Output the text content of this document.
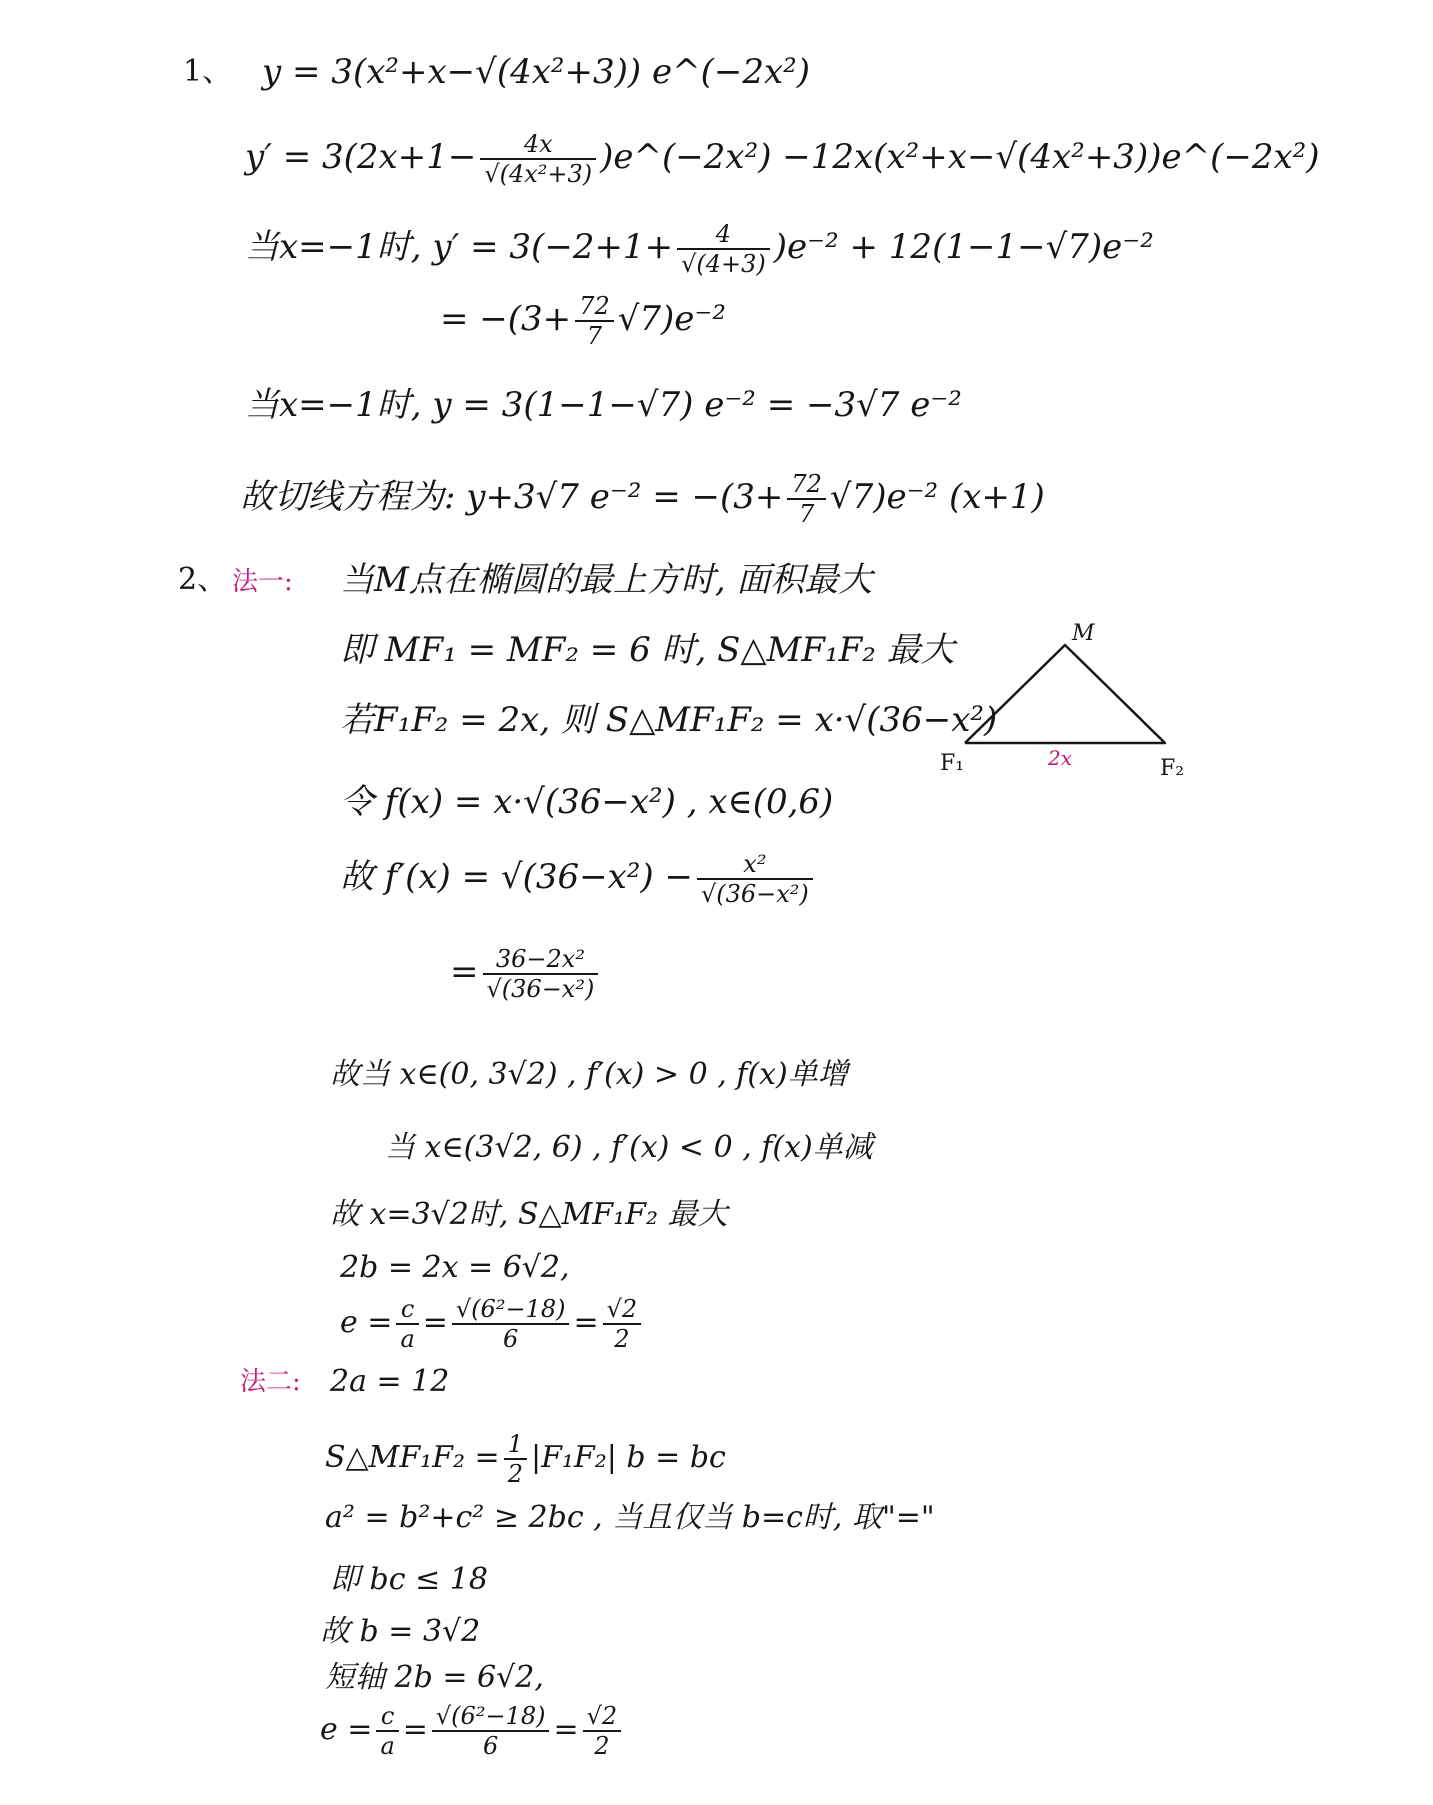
1、 y = 3(x²+x−√(4x²+3)) e^(−2x²)
$y' = 3(2x+1- \frac{4x}{\text{√(4x²+3)}}$ )e^(−2x²) −12x(x²+x−√(4x²+3))e^(−2x²)
当x=−1时, $y' = 3(-2+1+ \frac{4}{√(4+3)} )e^{-2} + 12(1-1-√7)e^{-2}$
= $-(3+ \frac{72}{7} √7)e^{-2}$
当x=−1时, y = 3(1−1−√7) e⁻² = −3√7 e⁻²
故切线方程为: y+3√7 $e^{-2} = -(3+ \frac{72}{7} √7)e^{-2}$ (x+1)
2、 法一: 当M点在椭圆的最上方时, 面积最大
即 MF₁ = MF₂ = 6 时, S△MF₁F₂ 最大
若F₁F₂ = 2x, 则 S△MF₁F₂ = x·√(36−x²)
令 f(x) = x·√(36−x²) , x∈(0,6)
故 $f'(x) = √(36-x^2) - \frac{\text{x²}}{\text{√(36−x²)}}$
= $\frac{\text{36−2x²}}{\text{√(36−x²)}}$
故当 x∈(0, 3√2) , f′(x) > 0 , f(x)单增
当 x∈(3√2, 6) , f′(x) < 0 , f(x)单减
故 x=3√2时, S△MF₁F₂ 最大
2b = 2x = 6√2,
$e = \frac{c}{a} = \frac{\text{√(6²−18)}}{6} = \frac{√2}{2}$
法二: 2a = 12
S△MF₁F₂ = $\frac{1}{2} |F_1F_2|$ b = bc
a² = b²+c² ≥ 2bc , 当且仅当 b=c时, 取"="
即 bc ≤ 18
故 b = 3√2
短轴 2b = 6√2,
$e = \frac{c}{a} = \frac{\text{√(6²−18)}}{6} = \frac{√2}{2}$
M
F₁	F₂
2x
